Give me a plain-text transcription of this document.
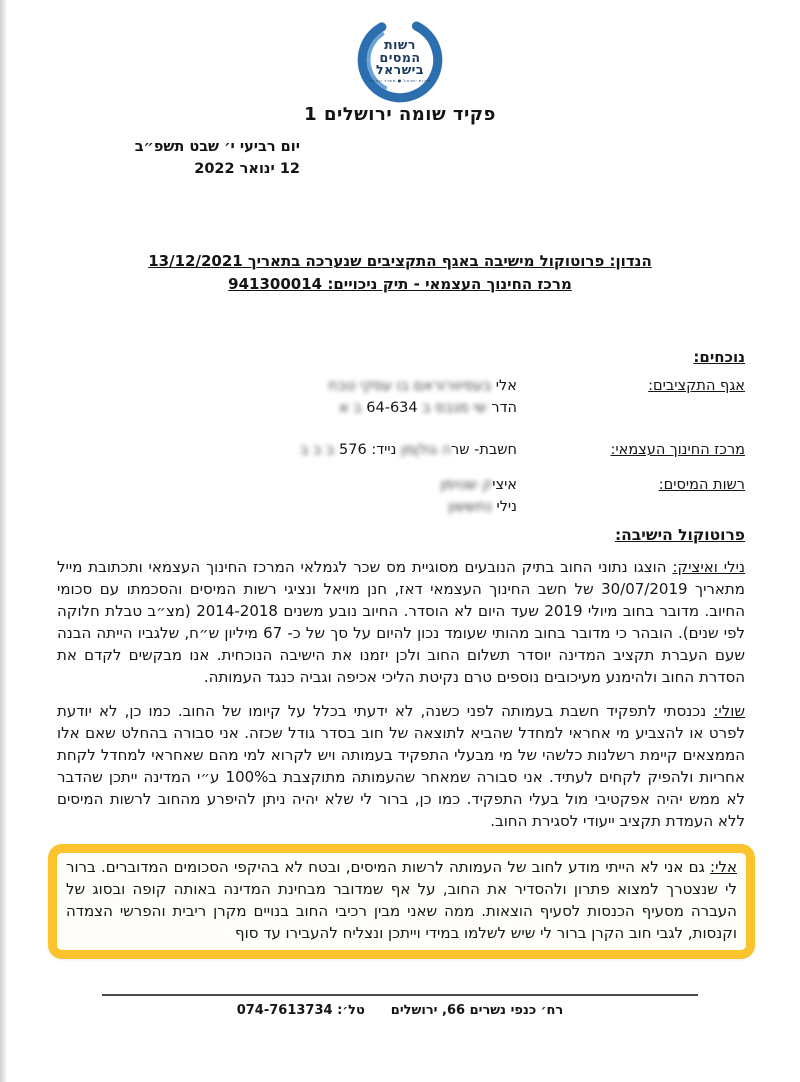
רשות
המסים
בישראל
מדינת ישראל ● משרד האוצר
פקיד שומה ירושלים 1
יום רביעי י׳ שבט תשפ״ב
12 ינואר 2022
הנדון: פרוטוקול מישיבה באגף התקציבים שנערכה בתאריך 13/12/2021
מרכז החינוך העצמאי - תיק ניכויים: 941300014
נוכחים:
אגף התקציבים:
אלי בעסיוורוראם בו עסקי טבח
הדר שי מנבס ב 64-634 ב א
מרכז החינוך העצמאי:
חשבת- שרה גולןמן נייד: 576 ב ב ב
רשות המיסים:
איציק שנוימן
נילי נחששון
פרוטוקול הישיבה:
נילי ואיציק: הוצגו נתוני החוב בתיק הנובעים מסוגיית מס שכר לגמלאי המרכז החינוך העצמאי ותכתובת מייל מתאריך 30/07/2019 של חשב החינוך העצמאי דאז, חנן מויאל ונציגי רשות המיסים והסכמתו עם סכומי החיוב. מדובר בחוב מיולי 2019 שעד היום לא הוסדר. החיוב נובע משנים 2014-2018 (מצ״ב טבלת חלוקה לפי שנים). הובהר כי מדובר בחוב מהותי שעומד נכון להיום על סך של כ- 67 מיליון ש״ח, שלגביו הייתה הבנה שעם העברת תקציב המדינה יוסדר תשלום החוב ולכן יזמנו את הישיבה הנוכחית. אנו מבקשים לקדם את הסדרת החוב ולהימנע מעיכובים נוספים טרם נקיטת הליכי אכיפה וגביה כנגד העמותה.
שולי: נכנסתי לתפקיד חשבת בעמותה לפני כשנה, לא ידעתי בכלל על קיומו של החוב. כמו כן, לא יודעת לפרט או להצביע מי אחראי למחדל שהביא לתוצאה של חוב בסדר גודל שכזה. אני סבורה בהחלט שאם אלו הממצאים קיימת רשלנות כלשהי של מי מבעלי התפקיד בעמותה ויש לקרוא למי מהם שאחראי למחדל לקחת אחריות ולהפיק לקחים לעתיד. אני סבורה שמאחר שהעמותה מתוקצבת ב100% ע״י המדינה ייתכן שהדבר לא ממש יהיה אפקטיבי מול בעלי התפקיד. כמו כן, ברור לי שלא יהיה ניתן להיפרע מהחוב לרשות המיסים ללא העמדת תקציב ייעודי לסגירת החוב.
אלי: גם אני לא הייתי מודע לחוב של העמותה לרשות המיסים, ובטח לא בהיקפי הסכומים המדוברים. ברור לי שנצטרך למצוא פתרון ולהסדיר את החוב, על אף שמדובר מבחינת המדינה באותה קופה ובסוג של העברה מסעיף הכנסות לסעיף הוצאות. ממה שאני מבין רכיבי החוב בנויים מקרן ריבית והפרשי הצמדה וקנסות, לגבי חוב הקרן ברור לי שיש לשלמו במידי וייתכן ונצליח להעבירו עד סוף
רח׳ כנפי נשרים 66, ירושליםטל׳: 074-7613734
